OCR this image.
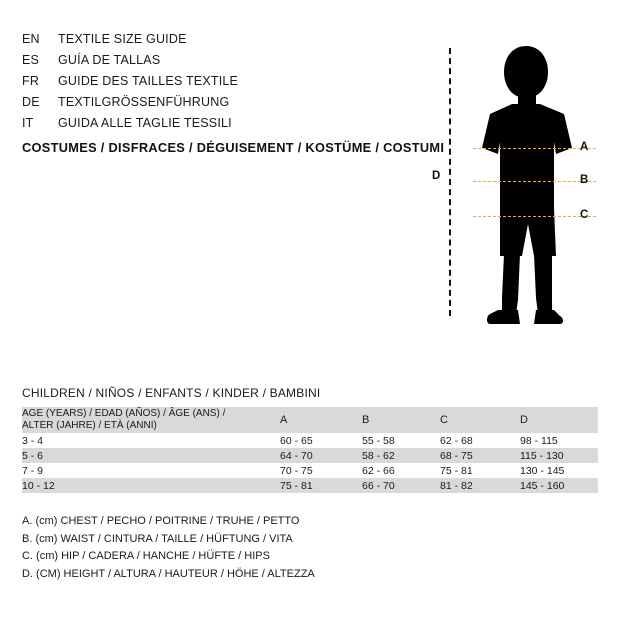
EN	TEXTILE SIZE GUIDE
ES	GUÍA DE TALLAS
FR	GUIDE DES TAILLES TEXTILE
DE	TEXTILGRÖSSENFÜHRUNG
IT	GUIDA ALLE TAGLIE TESSILI
COSTUMES / DISFRACES / DÉGUISEMENT / KOSTÜME / COSTUMI
D
A
B
C
CHILDREN / NIÑOS / ENFANTS / KINDER / BAMBINI
AGE (YEARS) / EDAD (AÑOS) / ÂGE (ANS) /
ALTER (JAHRE) / ETÀ (ANNI)	A	B	C	D
3 - 4	60 - 65	55 - 58	62 - 68	98 - 115
5 - 6	64 - 70	58 - 62	68 - 75	115 - 130
7 - 9	70 - 75	62 - 66	75 - 81	130 - 145
10 - 12	75 - 81	66 - 70	81 - 82	145 - 160
A. (cm) CHEST / PECHO / POITRINE / TRUHE / PETTO
B. (cm) WAIST / CINTURA / TAILLE / HÜFTUNG / VITA
C. (cm) HIP / CADERA / HANCHE / HÜFTE / HIPS
D. (CM) HEIGHT / ALTURA / HAUTEUR / HÖHE / ALTEZZA
